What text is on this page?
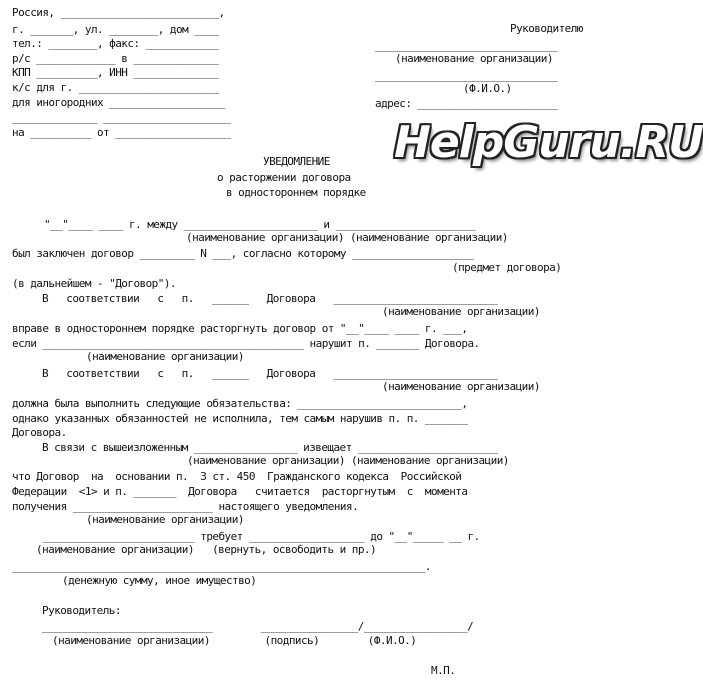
Россия, __________________________,
г. _______, ул. ________, дом ____
тел.: ________, факс: ____________
р/с _____________ в ______________
КПП __________, ИНН ______________
к/с для г. _______________________
для иногородних ___________________
______________ _____________________
на __________ от ___________________
Руководителю
______________________________
(наименование организации)
______________________________
(Ф.И.О.)
адрес: _______________________
УВЕДОМЛЕНИЕ
о расторжении договора
в одностороннем порядке
"__"____ ____ г. между ______________________ и _______________________
(наименование организации) (наименование организации)
был заключен договор _________ N ___, согласно которому ____________________
(предмет договора)
(в дальнейшем - "Договор").
В   соответствии   с   п.   ______   Договора   ___________________________
(наименование организации)
вправе в одностороннем порядке расторгнуть договор от "__"____ ____ г. ___,
если ___________________________________________ нарушит п. _______ Договора.
(наименование организации)
В   соответствии   с   п.   ______   Договора   ___________________________
(наименование организации)
должна была выполнить следующие обязательства: ___________________________,
однако указанных обязанностей не исполнила, тем самым нарушив п. п. _______
Договора.
В связи с вышеизложенным _________________ извещает _______________________
(наименование организации) (наименование организации)
что Договор  на  основании п.  3 ст. 450  Гражданского кодекса  Российской
Федерации  <1> и п. _______  Договора   считается  расторгнутым  с  момента
получения _______________________ настоящего уведомления.
(наименование организации)
_________________________ требует ___________________ до "__"_____ __ г.
(наименование организации)   (вернуть, освободить и пр.)
____________________________________________________________________.
(денежную сумму, иное имущество)
Руководитель:
____________________________        ________________/_________________/
(наименование организации)         (подпись)        (Ф.И.О.)
М.П.
HelpGuru.RU
